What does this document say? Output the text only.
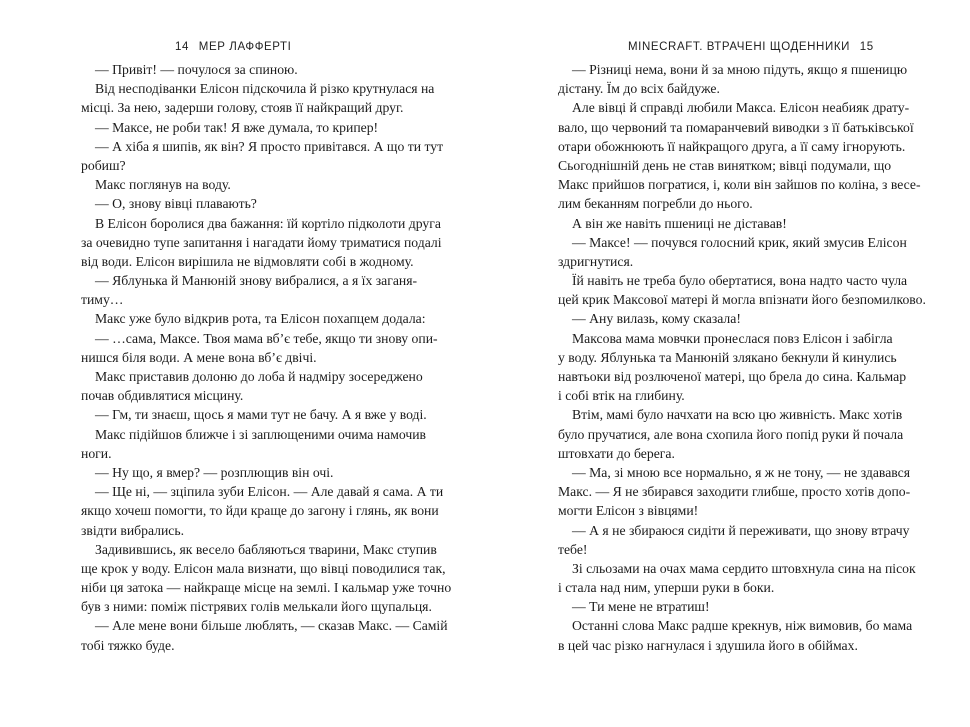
14 МЕР ЛАФФЕРТІ
— Привіт! — почулося за спиною.
Від несподіванки Елісон підскочила й різко крутнулася на
місці. За нею, задерши голову, стояв її найкращий друг.
— Максе, не роби так! Я вже думала, то крипер!
— А хіба я шипів, як він? Я просто привітався. А що ти тут
робиш?
Макс поглянув на воду.
— О, знову вівці плавають?
В Елісон боролися два бажання: їй кортіло підколоти друга
за очевидно тупе запитання і нагадати йому триматися подалі
від води. Елісон вирішила не відмовляти собі в жодному.
— Яблунька й Манюній знову вибралися, а я їх заганя-
тиму…
Макс уже було відкрив рота, та Елісон похапцем додала:
— …сама, Максе. Твоя мама вб’є тебе, якщо ти знову опи-
нишся біля води. А мене вона вб’є двічі.
Макс приставив долоню до лоба й надміру зосереджено
почав обдивлятися місцину.
— Гм, ти знаєш, щось я мами тут не бачу. А я вже у воді.
Макс підійшов ближче і зі заплющеними очима намочив
ноги.
— Ну що, я вмер? — розплющив він очі.
— Ще ні, — зціпила зуби Елісон. — Але давай я сама. А ти
якщо хочеш помогти, то йди краще до загону і глянь, як вони
звідти вибрались.
Задивившись, як весело бабляються тварини, Макс ступив
ще крок у воду. Елісон мала визнати, що вівці поводилися так,
ніби ця затока — найкраще місце на землі. І кальмар уже точно
був з ними: поміж пістрявих голів мелькали його щупальця.
— Але мене вони більше люблять, — сказав Макс. — Самій
тобі тяжко буде.
MINECRAFT. ВТРАЧЕНІ ЩОДЕННИКИ 15
— Різниці нема, вони й за мною підуть, якщо я пшеницю
дістану. Їм до всіх байдуже.
Але вівці й справді любили Макса. Елісон неабияк драту-
вало, що червоний та помаранчевий виводки з її батьківської
отари обожнюють її найкращого друга, а її саму ігнорують.
Сьогоднішній день не став винятком; вівці подумали, що
Макс прийшов погратися, і, коли він зайшов по коліна, з весе-
лим беканням погребли до нього.
А він же навіть пшениці не діставав!
— Максе! — почувся голосний крик, який змусив Елісон
здригнутися.
Їй навіть не треба було обертатися, вона надто часто чула
цей крик Максової матері й могла впізнати його безпомилково.
— Ану вилазь, кому сказала!
Максова мама мовчки пронеслася повз Елісон і забігла
у воду. Яблунька та Манюній злякано бекнули й кинулись
навтьоки від розлюченої матері, що брела до сина. Кальмар
і собі втік на глибину.
Втім, мамі було начхати на всю цю живність. Макс хотів
було пручатися, але вона схопила його попід руки й почала
штовхати до берега.
— Ма, зі мною все нормально, я ж не тону, — не здавався
Макс. — Я не збирався заходити глибше, просто хотів допо-
могти Елісон з вівцями!
— А я не збираюся сидіти й переживати, що знову втрачу
тебе!
Зі сльозами на очах мама сердито штовхнула сина на пісок
і стала над ним, уперши руки в боки.
— Ти мене не втратиш!
Останні слова Макс радше крекнув, ніж вимовив, бо мама
в цей час різко нагнулася і здушила його в обіймах.
